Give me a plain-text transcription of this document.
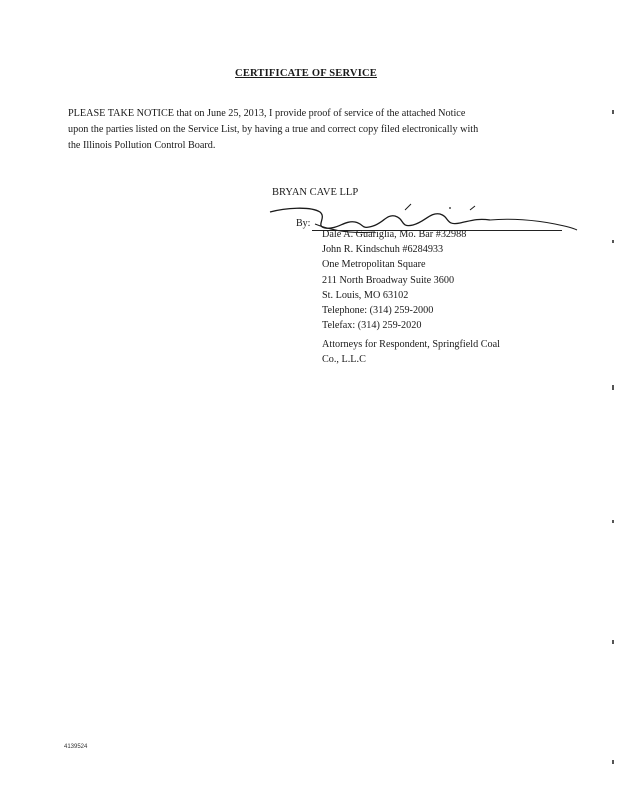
CERTIFICATE OF SERVICE
PLEASE TAKE NOTICE that on June 25, 2013, I provide proof of service of the attached Notice
upon the parties listed on the Service List, by having a true and correct copy filed electronically with
the Illinois Pollution Control Board.
BRYAN CAVE LLP
By:
Dale A. Guariglia, Mo. Bar #32988
John R. Kindschuh #6284933
One Metropolitan Square
211 North Broadway Suite 3600
St. Louis, MO 63102
Telephone: (314) 259-2000
Telefax: (314) 259-2020
Attorneys for Respondent, Springfield Coal
Co., L.L.C
4139524
